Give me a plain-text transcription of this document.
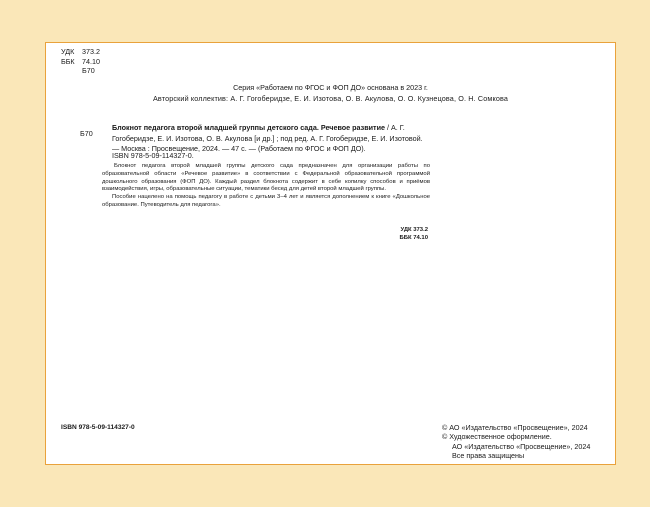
УДК 373.2
ББК 74.10
Б70
Серия «Работаем по ФГОС и ФОП ДО» основана в 2023 г.
Авторский коллектив: А. Г. Гогоберидзе, Е. И. Изотова, О. В. Акулова, О. О. Кузнецова, О. Н. Сомкова
Б70
Блокнот педагога второй младшей группы детского сада. Речевое развитие / А. Г. Гогоберидзе, Е. И. Изотова, О. В. Акулова [и др.] ; под ред. А. Г. Гогоберидзе, Е. И. Изотовой. — Москва : Просвещение, 2024. — 47 с. — (Работаем по ФГОС и ФОП ДО).
ISBN 978-5-09-114327-0.

Блокнот педагога второй младшей группы детского сада предназначен для организации работы по образовательной области «Речевое развитие» в соответствии с Федеральной образовательной программой дошкольного образования (ФОП ДО). Каждый раздел блокнота содержит в себе копилку способов и приёмов взаимодействия, игры, образовательные ситуации, тематики бесед для детей второй младшей группы.

Пособие нацелено на помощь педагогу в работе с детьми 3–4 лет и является дополнением к книге «Дошкольное образование. Путеводитель для педагога».

УДК 373.2
ББК 74.10
ISBN 978-5-09-114327-0	© АО «Издательство «Просвещение», 2024
© Художественное оформление.
АО «Издательство «Просвещение», 2024
Все права защищены
